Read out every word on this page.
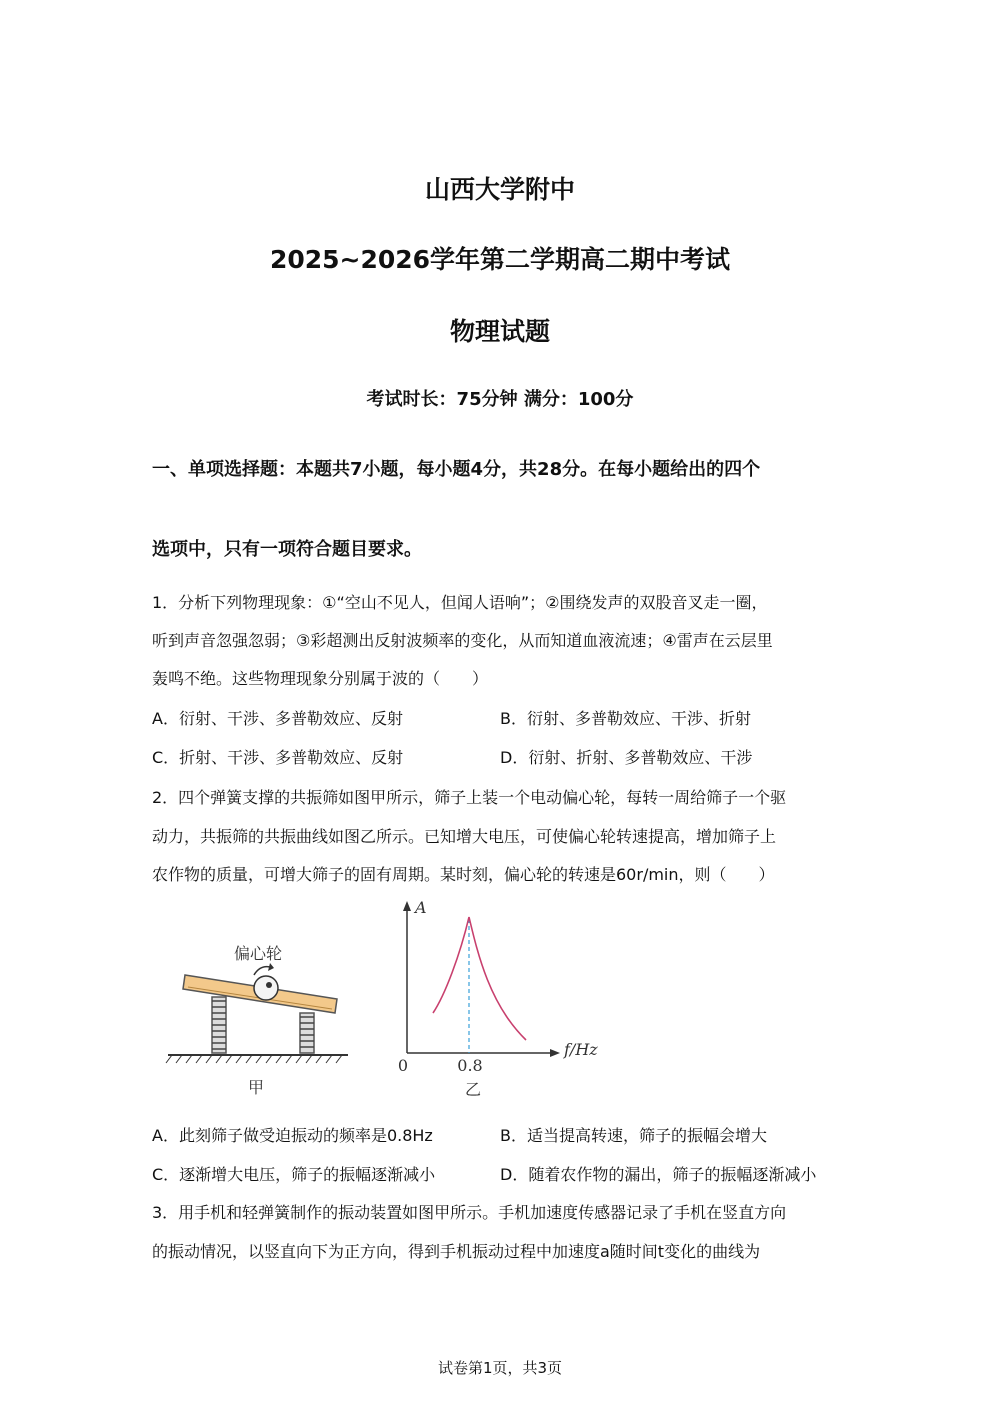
山西大学附中
2025~2026学年第二学期高二期中考试
物理试题
考试时长：75分钟 满分：100分
一、单项选择题：本题共7小题，每小题4分，共28分。在每小题给出的四个
选项中，只有一项符合题目要求。
1．分析下列物理现象：①“空山不见人，但闻人语响”；②围绕发声的双股音叉走一圈，
听到声音忽强忽弱；③彩超测出反射波频率的变化，从而知道血液流速；④雷声在云层里
轰鸣不绝。这些物理现象分别属于波的（　　）
A．衍射、干涉、多普勒效应、反射	B．衍射、多普勒效应、干涉、折射
C．折射、干涉、多普勒效应、反射	D．衍射、折射、多普勒效应、干涉
2．四个弹簧支撑的共振筛如图甲所示，筛子上装一个电动偏心轮，每转一周给筛子一个驱
动力，共振筛的共振曲线如图乙所示。已知增大电压，可使偏心轮转速提高，增加筛子上
农作物的质量，可增大筛子的固有周期。某时刻，偏心轮的转速是60r/min，则（　　）
偏心轮
甲
A
f/Hz
0	0.8
乙
A．此刻筛子做受迫振动的频率是0.8Hz	B．适当提高转速，筛子的振幅会增大
C．逐渐增大电压，筛子的振幅逐渐减小	D．随着农作物的漏出，筛子的振幅逐渐减小
3．用手机和轻弹簧制作的振动装置如图甲所示。手机加速度传感器记录了手机在竖直方向
的振动情况，以竖直向下为正方向，得到手机振动过程中加速度a随时间t变化的曲线为
试卷第1页，共3页
